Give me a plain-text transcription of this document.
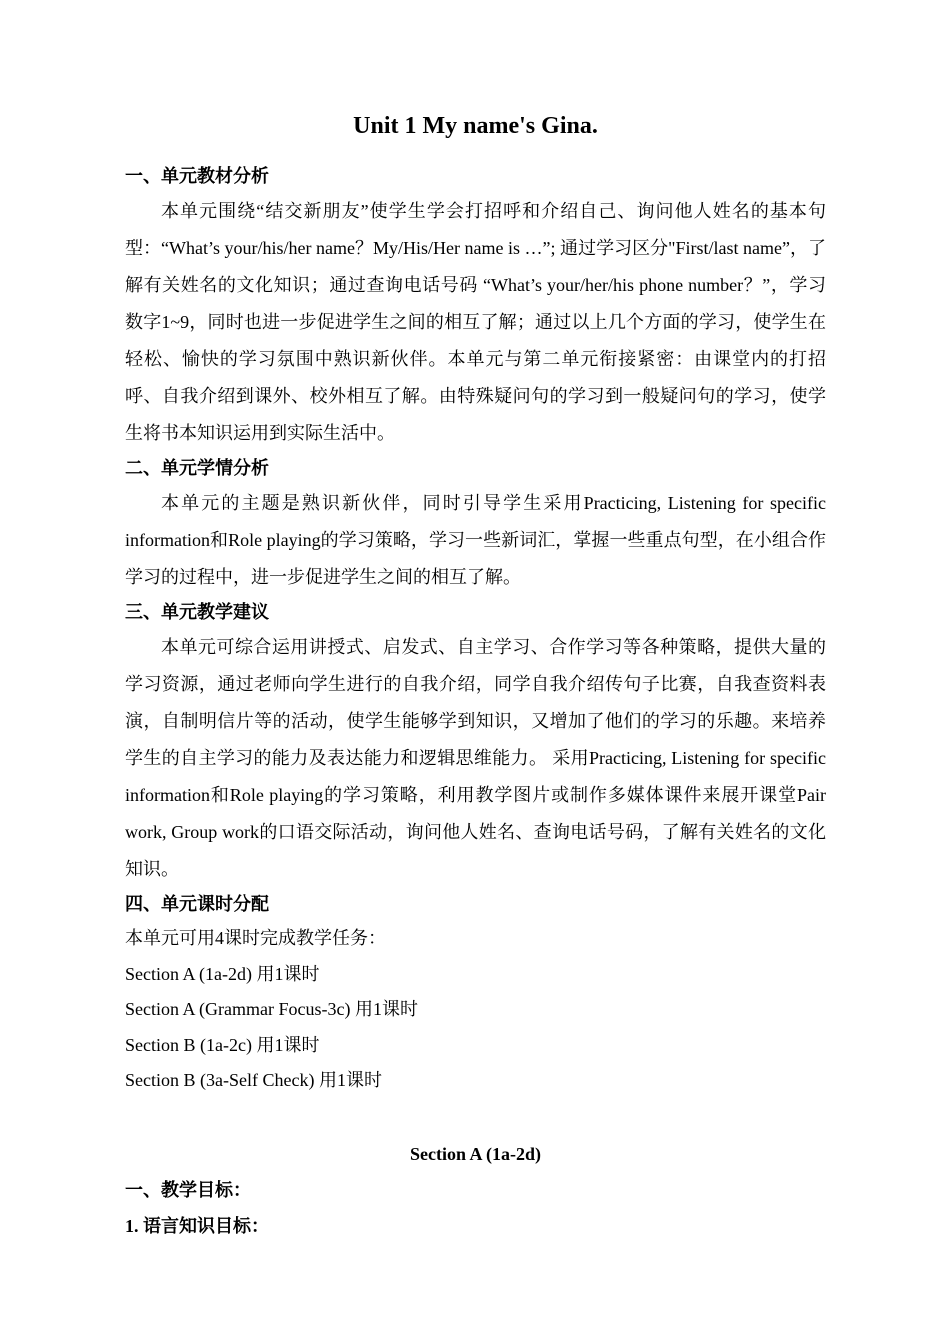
Unit 1 My name's Gina.

一、单元教材分析

本单元围绕“结交新朋友”使学生学会打招呼和介绍自己、询问他人姓名的基本句型：“What’s your/his/her name？My/His/Her name is …”; 通过学习区分"First/last name”，了解有关姓名的文化知识；通过查询电话号码 “What’s your/her/his phone number？”，学习数字1~9，同时也进一步促进学生之间的相互了解；通过以上几个方面的学习，使学生在轻松、愉快的学习氛围中熟识新伙伴。本单元与第二单元衔接紧密：由课堂内的打招呼、自我介绍到课外、校外相互了解。由特殊疑问句的学习到一般疑问句的学习，使学生将书本知识运用到实际生活中。

二、单元学情分析

本单元的主题是熟识新伙伴，同时引导学生采用Practicing, Listening for specific information和Role playing的学习策略，学习一些新词汇，掌握一些重点句型，在小组合作学习的过程中，进一步促进学生之间的相互了解。

三、单元教学建议

本单元可综合运用讲授式、启发式、自主学习、合作学习等各种策略，提供大量的学习资源，通过老师向学生进行的自我介绍，同学自我介绍传句子比赛，自我查资料表演，自制明信片等的活动，使学生能够学到知识，又增加了他们的学习的乐趣。来培养学生的自主学习的能力及表达能力和逻辑思维能力。 采用Practicing, Listening for specific information和Role playing的学习策略，利用教学图片或制作多媒体课件来展开课堂Pair work, Group work的口语交际活动，询问他人姓名、查询电话号码，了解有关姓名的文化知识。

四、单元课时分配

本单元可用4课时完成教学任务：

Section A (1a-2d) 用1课时

Section A (Grammar Focus-3c) 用1课时

Section B (1a-2c) 用1课时

Section B (3a-Self Check) 用1课时

Section A (1a-2d)

一、教学目标：

1. 语言知识目标：
